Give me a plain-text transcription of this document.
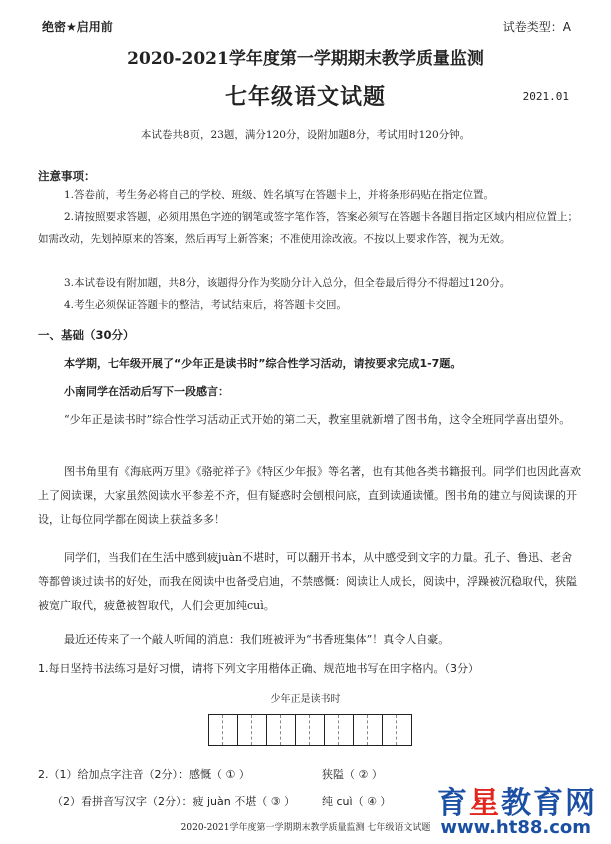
绝密★启用前	试卷类型：A
2020-2021学年度第一学期期末教学质量监测
七年级语文试题	2021.01
本试卷共8页，23题，满分120分，设附加题8分，考试用时120分钟。
注意事项：
1.答卷前，考生务必将自己的学校、班级、姓名填写在答题卡上，并将条形码贴在指定位置。
2.请按照要求答题，必须用黑色字迹的钢笔或签字笔作答，答案必须写在答题卡各题目指定区域内相应位置上；如需改动，先划掉原来的答案，然后再写上新答案；不准使用涂改液。不按以上要求作答，视为无效。
3.本试卷设有附加题，共8分，该题得分作为奖励分计入总分，但全卷最后得分不得超过120分。
4.考生必须保证答题卡的整洁，考试结束后，将答题卡交回。
一、基础（30分）
本学期，七年级开展了“少年正是读书时”综合性学习活动，请按要求完成1-7题。
小南同学在活动后写下一段感言：
“少年正是读书时”综合性学习活动正式开始的第二天，教室里就新增了图书角，这令全班同学喜出望外。
图书角里有《海底两万里》《骆驼祥子》《特区少年报》等名著，也有其他各类书籍报刊。同学们也因此喜欢上了阅读课，大家虽然阅读水平参差不齐，但有疑惑时会刨根问底，直到读通读懂。图书角的建立与阅读课的开设，让每位同学都在阅读上获益多多！
同学们，当我们在生活中感到疲juàn不堪时，可以翻开书本，从中感受到文字的力量。孔子、鲁迅、老舍等都曾谈过读书的好处，而我在阅读中也备受启迪，不禁感慨：阅读让人成长，阅读中，浮躁被沉稳取代，狭隘被宽广取代，疲惫被智取代，人们会更加纯cuì。
最近还传来了一个敲人听闻的消息：我们班被评为“书香班集体”！真令人自豪。
1.每日坚持书法练习是好习惯，请将下列文字用楷体正确、规范地书写在田字格内。（3分）
少年正是读书时
2.（1）给加点字注音（2分）：感慨（ ① ）	狭隘（ ② ）
（2）看拼音写汉字（2分）：疲 juàn 不堪（ ③ ） 纯 cuì（ ④ ）
2020-2021学年度第一学期期末教学质量监测 七年级语文试题
育星教育网
www.ht88.com
